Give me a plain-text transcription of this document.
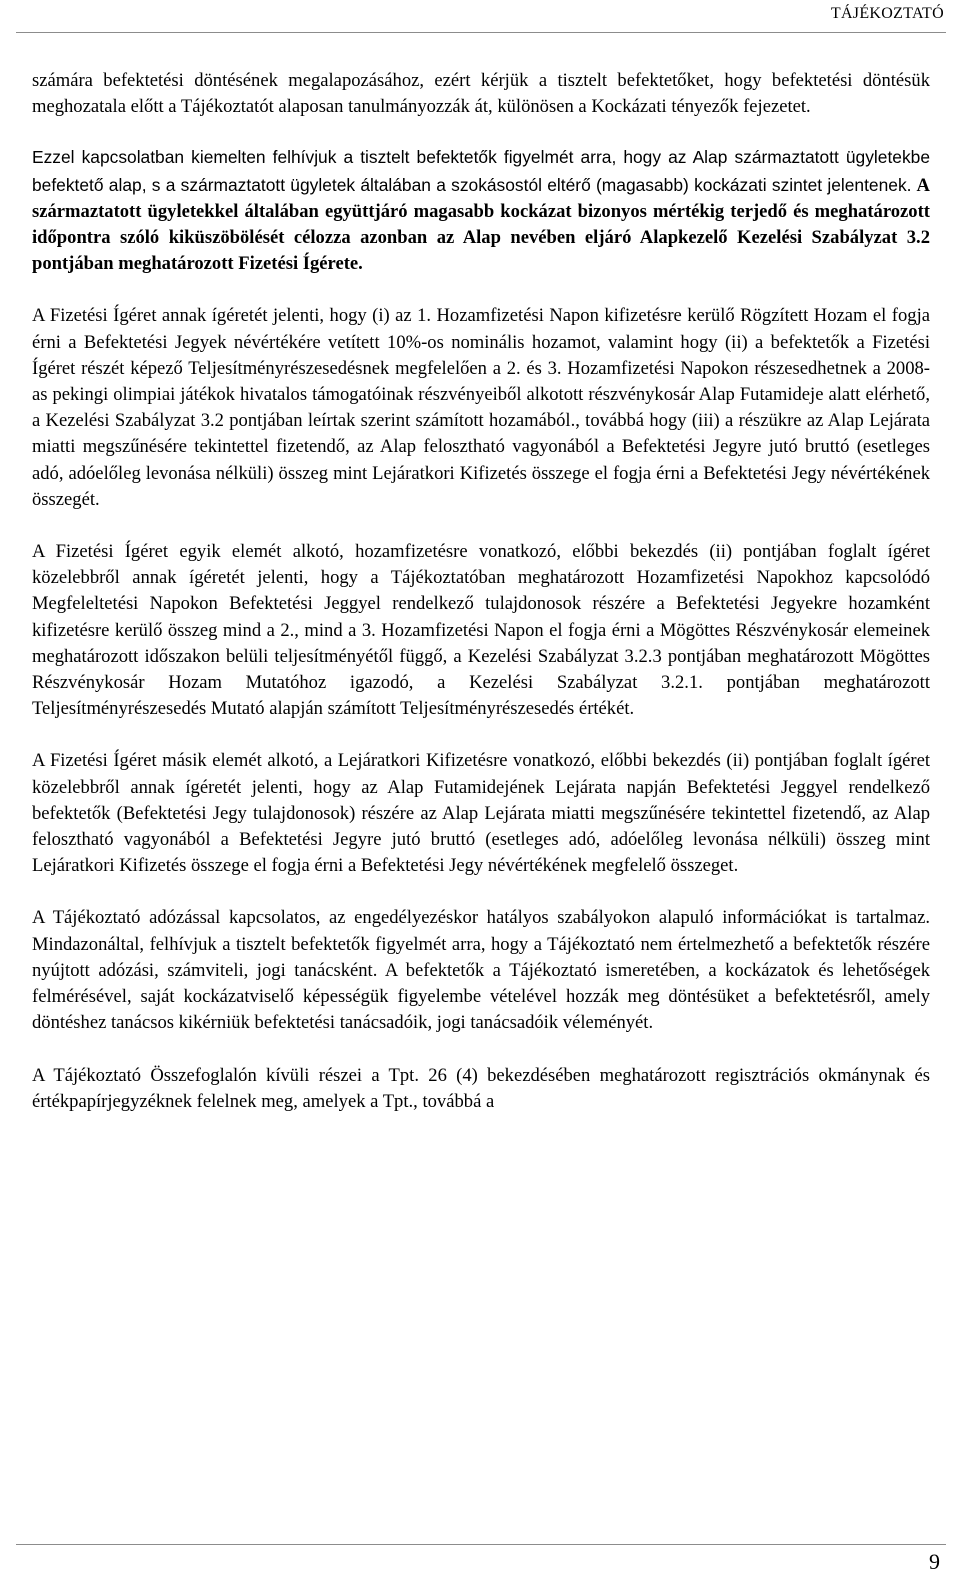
TÁJÉKOZTATÓ

számára befektetési döntésének megalapozásához, ezért kérjük a tisztelt befektetőket, hogy befektetési döntésük meghozatala előtt a Tájékoztatót alaposan tanulmányozzák át, különösen a Kockázati tényezők fejezetet.

Ezzel kapcsolatban kiemelten felhívjuk a tisztelt befektetők figyelmét arra, hogy az Alap származtatott ügyletekbe befektető alap, s a származtatott ügyletek általában a szokásostól eltérő (magasabb) kockázati szintet jelentenek. A származtatott ügyletekkel általában együttjáró magasabb kockázat bizonyos mértékig terjedő és meghatározott időpontra szóló kiküszöbölését célozza azonban az Alap nevében eljáró Alapkezelő Kezelési Szabályzat 3.2 pontjában meghatározott Fizetési Ígérete.

A Fizetési Ígéret annak ígéretét jelenti, hogy (i) az 1. Hozamfizetési Napon kifizetésre kerülő Rögzített Hozam el fogja érni a Befektetési Jegyek névértékére vetített 10%-os nominális hozamot, valamint hogy (ii) a befektetők a Fizetési Ígéret részét képező Teljesítményrészesedésnek megfelelően a 2. és 3. Hozamfizetési Napokon részesedhetnek a 2008-as pekingi olimpiai játékok hivatalos támogatóinak részvényeiből alkotott részvénykosár Alap Futamideje alatt elérhető, a Kezelési Szabályzat 3.2 pontjában leírtak szerint számított hozamából., továbbá hogy (iii) a részükre az Alap Lejárata miatti megszűnésére tekintettel fizetendő, az Alap felosztható vagyonából a Befektetési Jegyre jutó bruttó (esetleges adó, adóelőleg levonása nélküli) összeg mint Lejáratkori Kifizetés összege el fogja érni a Befektetési Jegy névértékének összegét.

A Fizetési Ígéret egyik elemét alkotó, hozamfizetésre vonatkozó, előbbi bekezdés (ii) pontjában foglalt ígéret közelebbről annak ígéretét jelenti, hogy a Tájékoztatóban meghatározott Hozamfizetési Napokhoz kapcsolódó Megfeleltetési Napokon Befektetési Jeggyel rendelkező tulajdonosok részére a Befektetési Jegyekre hozamként kifizetésre kerülő összeg mind a 2., mind a 3. Hozamfizetési Napon el fogja érni a Mögöttes Részvénykosár elemeinek meghatározott időszakon belüli teljesítményétől függő, a Kezelési Szabályzat 3.2.3 pontjában meghatározott Mögöttes Részvénykosár Hozam Mutatóhoz igazodó, a Kezelési Szabályzat 3.2.1. pontjában meghatározott Teljesítményrészesedés Mutató alapján számított Teljesítményrészesedés értékét.

A Fizetési Ígéret másik elemét alkotó, a Lejáratkori Kifizetésre vonatkozó, előbbi bekezdés (ii) pontjában foglalt ígéret közelebbről annak ígéretét jelenti, hogy az Alap Futamidejének Lejárata napján Befektetési Jeggyel rendelkező befektetők (Befektetési Jegy tulajdonosok) részére az Alap Lejárata miatti megszűnésére tekintettel fizetendő, az Alap felosztható vagyonából a Befektetési Jegyre jutó bruttó (esetleges adó, adóelőleg levonása nélküli) összeg mint Lejáratkori Kifizetés összege el fogja érni a Befektetési Jegy névértékének megfelelő összeget.

A Tájékoztató adózással kapcsolatos, az engedélyezéskor hatályos szabályokon alapuló információkat is tartalmaz. Mindazonáltal, felhívjuk a tisztelt befektetők figyelmét arra, hogy a Tájékoztató nem értelmezhető a befektetők részére nyújtott adózási, számviteli, jogi tanácsként. A befektetők a Tájékoztató ismeretében, a kockázatok és lehetőségek felmérésével, saját kockázatviselő képességük figyelembe vételével hozzák meg döntésüket a befektetésről, amely döntéshez tanácsos kikérniük befektetési tanácsadóik, jogi tanácsadóik véleményét.

A Tájékoztató Összefoglalón kívüli részei a Tpt. 26 (4) bekezdésében meghatározott regisztrációs okmánynak és értékpapírjegyzéknek felelnek meg, amelyek a Tpt., továbbá a

9
